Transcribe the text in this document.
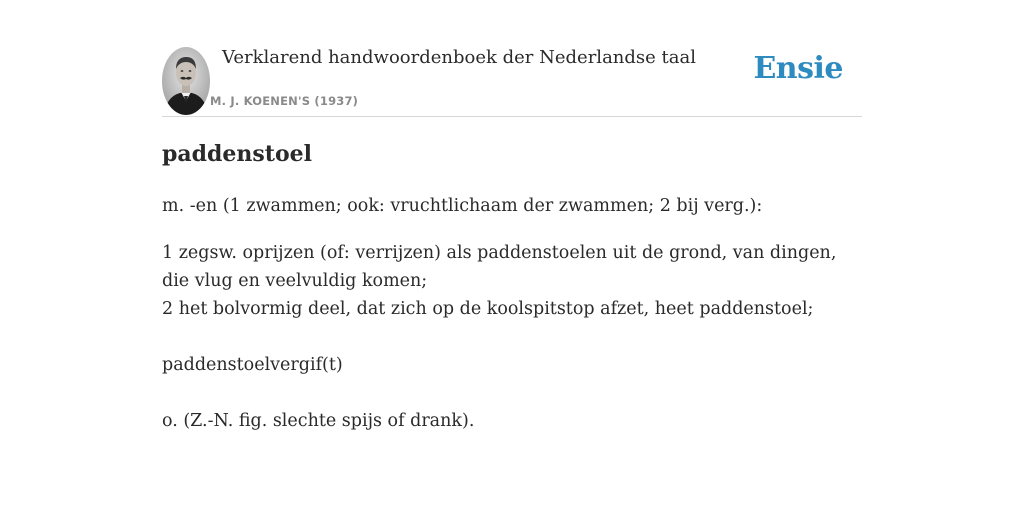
Verklarend handwoordenboek der Nederlandse taal
M. J. KOENEN'S (1937)
Ensie
paddenstoel

m. -en (1 zwammen; ook: vruchtlichaam der zwammen; 2 bij verg.):

1 zegsw. oprijzen (of: verrijzen) als paddenstoelen uit de grond, van dingen, die vlug en veelvuldig komen;

2 het bolvormig deel, dat zich op de koolspitstop afzet, heet paddenstoel;

paddenstoelvergif(t)

o. (Z.-N. fig. slechte spijs of drank).
